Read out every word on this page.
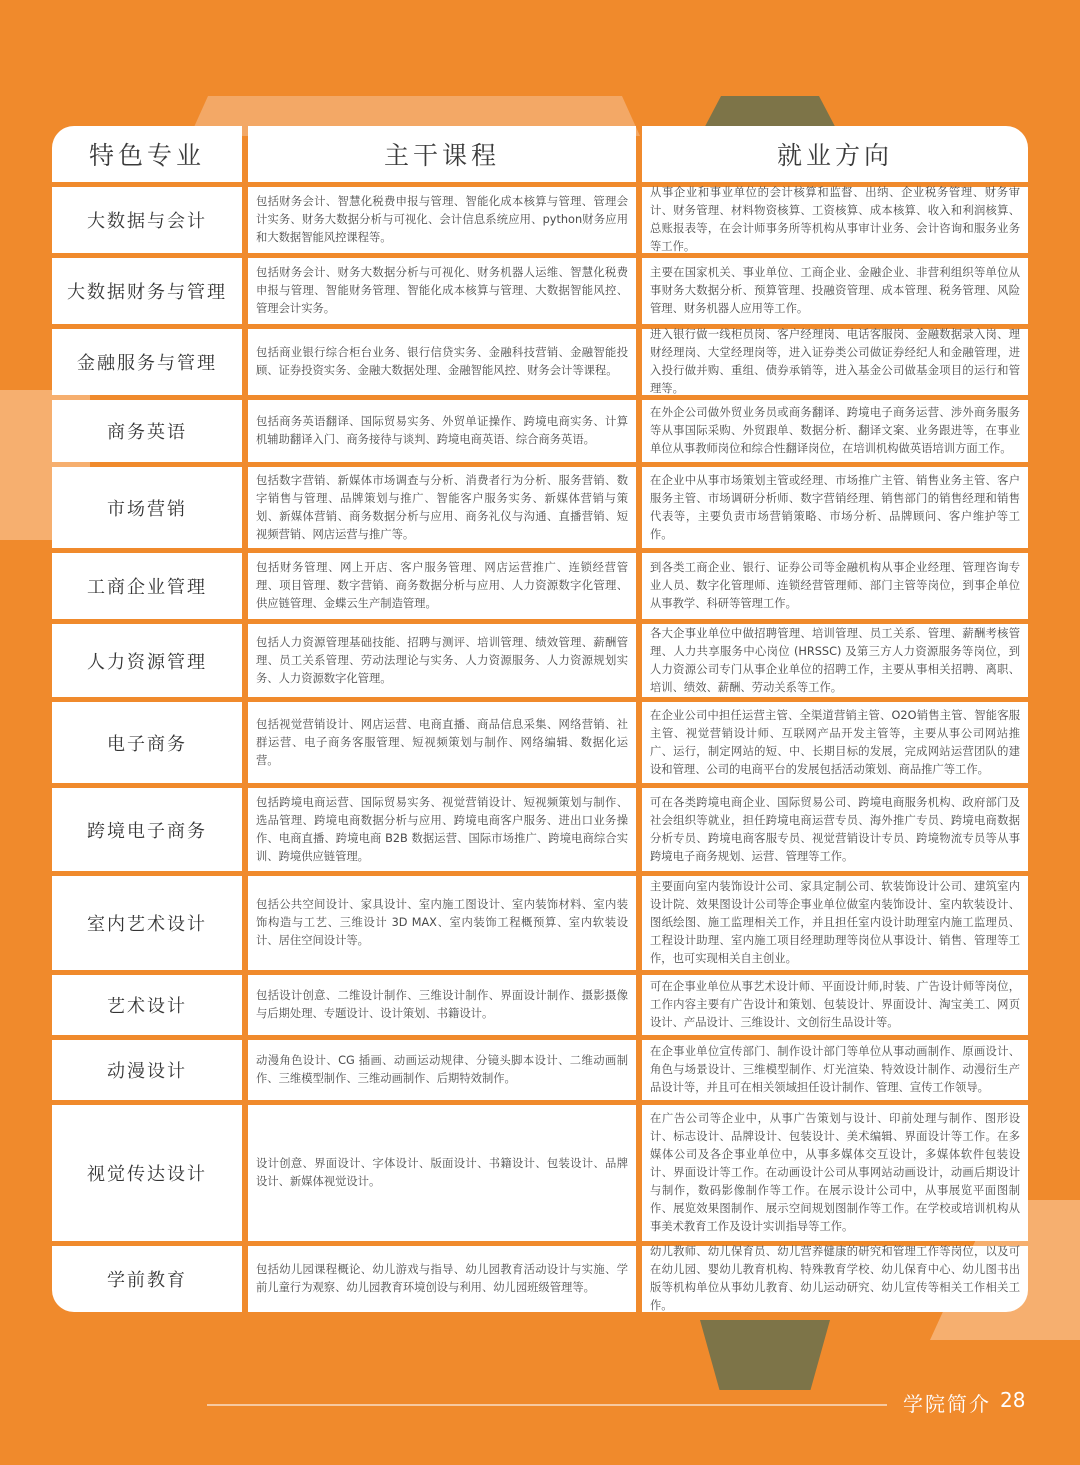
特色专业	主干课程	就业方向
大数据与会计
包括财务会计、智慧化税费申报与管理、智能化成本核算与管理、管理会计实务、财务大数据分析与可视化、会计信息系统应用、python财务应用和大数据智能风控课程等。
从事企业和事业单位的会计核算和监督、出纳、企业税务管理、财务审计、财务管理、材料物资核算、工资核算、成本核算、收入和利润核算、总账报表等，在会计师事务所等机构从事审计业务、会计咨询和服务业务等工作。
大数据财务与管理
包括财务会计、财务大数据分析与可视化、财务机器人运维、智慧化税费申报与管理、智能财务管理、智能化成本核算与管理、大数据智能风控、管理会计实务。
主要在国家机关、事业单位、工商企业、金融企业、非营利组织等单位从事财务大数据分析、预算管理、投融资管理、成本管理、税务管理、风险管理、财务机器人应用等工作。
金融服务与管理
包括商业银行综合柜台业务、银行信贷实务、金融科技营销、金融智能投顾、证券投资实务、金融大数据处理、金融智能风控、财务会计等课程。
进入银行做一线柜员岗、客户经理岗、电话客服岗、金融数据录入岗、理财经理岗、大堂经理岗等，进入证券类公司做证券经纪人和金融管理，进入投行做并购、重组、债券承销等，进入基金公司做基金项目的运行和管理等。
商务英语
包括商务英语翻译、国际贸易实务、外贸单证操作、跨境电商实务、计算机辅助翻译入门、商务接待与谈判、跨境电商英语、综合商务英语。
在外企公司做外贸业务员或商务翻译、跨境电子商务运营、涉外商务服务等从事国际采购、外贸跟单、数据分析、翻译文案、业务跟进等，在事业单位从事教师岗位和综合性翻译岗位，在培训机构做英语培训方面工作。
市场营销
包括数字营销、新媒体市场调查与分析、消费者行为分析、服务营销、数字销售与管理、品牌策划与推广、智能客户服务实务、新媒体营销与策划、新媒体营销、商务数据分析与应用、商务礼仪与沟通、直播营销、短视频营销、网店运营与推广等。
在企业中从事市场策划主管或经理、市场推广主管、销售业务主管、客户服务主管、市场调研分析师、数字营销经理、销售部门的销售经理和销售代表等，主要负责市场营销策略、市场分析、品牌顾问、客户维护等工作。
工商企业管理
包括财务管理、网上开店、客户服务管理、网店运营推广、连锁经营管理、项目管理、数字营销、商务数据分析与应用、人力资源数字化管理、供应链管理、金蝶云生产制造管理。
到各类工商企业、银行、证券公司等金融机构从事企业经理、管理咨询专业人员、数字化管理师、连锁经营管理师、部门主管等岗位，到事企单位从事教学、科研等管理工作。
人力资源管理
包括人力资源管理基础技能、招聘与测评、培训管理、绩效管理、薪酬管理、员工关系管理、劳动法理论与实务、人力资源服务、人力资源规划实务、人力资源数字化管理。
各大企事业单位中做招聘管理、培训管理、员工关系、管理、薪酬考核管理、人力共享服务中心岗位 (HRSSC) 及第三方人力资源服务等岗位，到人力资源公司专门从事企业单位的招聘工作，主要从事相关招聘、离职、培训、绩效、薪酬、劳动关系等工作。
电子商务
包括视觉营销设计、网店运营、电商直播、商品信息采集、网络营销、社群运营、电子商务客服管理、短视频策划与制作、网络编辑、数据化运营。
在企业公司中担任运营主管、全渠道营销主管、O2O销售主管、智能客服主管、视觉营销设计师、互联网产品开发主管等，主要从事公司网站推广、运行，制定网站的短、中、长期目标的发展，完成网站运营团队的建设和管理、公司的电商平台的发展包括活动策划、商品推广等工作。
跨境电子商务
包括跨境电商运营、国际贸易实务、视觉营销设计、短视频策划与制作、选品管理、跨境电商数据分析与应用、跨境电商客户服务、进出口业务操作、电商直播、跨境电商 B2B 数据运营、国际市场推广、跨境电商综合实训、跨境供应链管理。
可在各类跨境电商企业、国际贸易公司、跨境电商服务机构、政府部门及社会组织等就业，担任跨境电商运营专员、海外推广专员、跨境电商数据分析专员、跨境电商客服专员、视觉营销设计专员、跨境物流专员等从事跨境电子商务规划、运营、管理等工作。
室内艺术设计
包括公共空间设计、家具设计、室内施工图设计、室内装饰材料、室内装饰构造与工艺、三维设计 3D MAX、室内装饰工程概预算、室内软装设计、居住空间设计等。
主要面向室内装饰设计公司、家具定制公司、软装饰设计公司、建筑室内设计院、效果图设计公司等企事业单位做室内装饰设计、室内软装设计、图纸绘图、施工监理相关工作，并且担任室内设计助理室内施工监理员、工程设计助理、室内施工项目经理助理等岗位从事设计、销售、管理等工作，也可实现相关自主创业。
艺术设计
包括设计创意、二维设计制作、三维设计制作、界面设计制作、摄影摄像与后期处理、专题设计、设计策划、书籍设计。
可在企事业单位从事艺术设计师、平面设计师,时装、广告设计师等岗位，工作内容主要有广告设计和策划、包装设计、界面设计、淘宝美工、网页设计、产品设计、三维设计、文创衍生品设计等。
动漫设计
动漫角色设计、CG 插画、动画运动规律、分镜头脚本设计、二维动画制作、三维模型制作、三维动画制作、后期特效制作。
在企事业单位宣传部门、制作设计部门等单位从事动画制作、原画设计、角色与场景设计、三维模型制作、灯光渲染、特效设计制作、动漫衍生产品设计等，并且可在相关领域担任设计制作、管理、宣传工作领导。
视觉传达设计
设计创意、界面设计、字体设计、版面设计、书籍设计、包装设计、品牌设计、新媒体视觉设计。
在广告公司等企业中，从事广告策划与设计、印前处理与制作、图形设计、标志设计、品牌设计、包装设计、美术编辑、界面设计等工作。在多媒体公司及各企事业单位中，从事多媒体交互设计，多媒体软件包装设计、界面设计等工作。在动画设计公司从事网站动画设计，动画后期设计与制作，数码影像制作等工作。在展示设计公司中，从事展览平面图制作、展览效果图制作、展示空间规划图制作等工作。在学校或培训机构从事美术教育工作及设计实训指导等工作。
学前教育
包括幼儿园课程概论、幼儿游戏与指导、幼儿园教育活动设计与实施、学前儿童行为观察、幼儿园教育环境创设与利用、幼儿园班级管理等。
幼儿教师、幼儿保育员、幼儿营养健康的研究和管理工作等岗位，以及可在幼儿园、婴幼儿教育机构、特殊教育学校、幼儿保育中心、幼儿图书出版等机构单位从事幼儿教育、幼儿运动研究、幼儿宣传等相关工作相关工作。
学院简介 28
